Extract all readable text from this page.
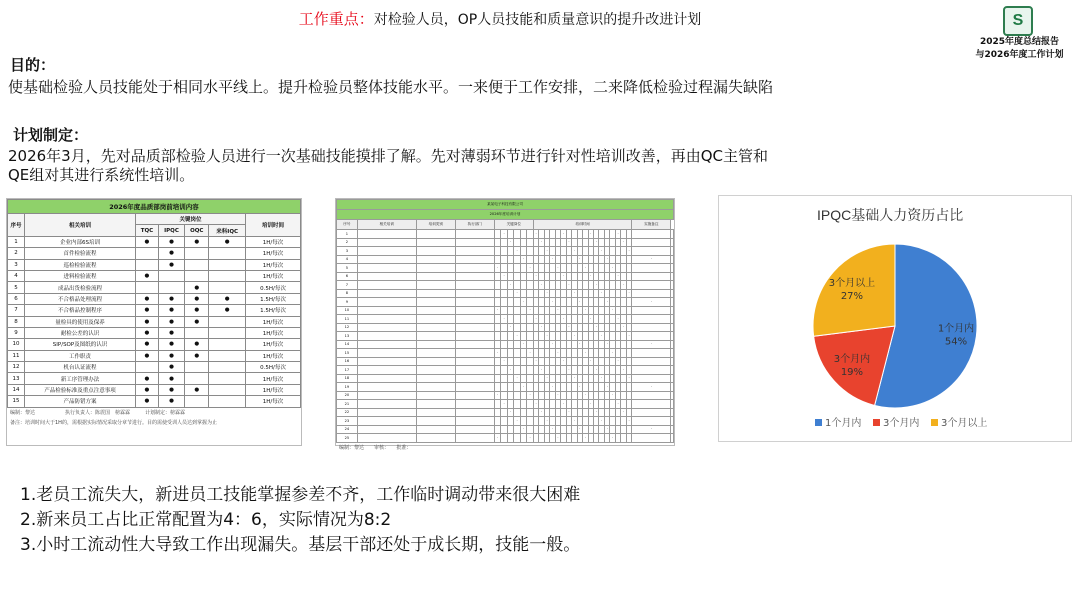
工作重点：对检验人员，OP人员技能和质量意识的提升改进计划	S
2025年度总结报告
与2026年度工作计划
目的：
使基础检验人员技能处于相同水平线上。提升检验员整体技能水平。一来便于工作安排，二来降低检验过程漏失缺陷
计划制定：
2026年3月，先对品质部检验人员进行一次基础技能摸排了解。先对薄弱环节进行针对性培训改善，再由QC主管和QE组对其进行系统性培训。
2026年度品质部岗前培训内容						
序号	相关培训	关键岗位				培训时间
		TQC	IPQC	OQC	来料IQC	
1	企业内部6S培训	●	●	●	●	1H/每次
2	首件检验流程		●			1H/每次
3	巡检检验流程		●			1H/每次
4	进料检验流程	●				1H/每次
5	成品出货检验流程			●		0.5H/每次
6	不合格品处理流程	●	●	●	●	1.5H/每次
7	不合格品控制程序	●	●	●	●	1.5H/每次
8	量检具的使用及保养	●	●	●		1H/每次
9	耐检公差的认识	●	●			1H/每次
10	SIP/SOP及图纸的认识	●	●	●		1H/每次
11	工作职责	●	●	●		1H/每次
12	机台认证流程		●			0.5H/每次
13	新工序管理办法	●	●			1H/每次
14	产品检验标准及重点注意事项	●	●	●		1H/每次
15	产品防错方案	●	●			1H/每次
编制：黎达　　　　　　执行负责人：陈震国　榜霖霖　　　计划制定：榜霖霖
备注：培训时间大于1H的，需根据实际情况采取分章节进行。目的需使受训人员达到掌握为止
某某电子科技有限公司																													
2026年度培训计划																													
序号	相关培训	培训类别	执行部门	关键岗位						培训时间																		实施备注	
1					·					·					·					·					·				
2						·					·					·					·					·			
3							·					·					·					·					·		
4								·					·					·					·					·	
5				·					·					·					·					·					
6					·					·					·					·					·				
7						·					·					·					·					·			
8							·					·					·					·					·		
9								·					·					·					·					·	
10				·					·					·					·					·					
11					·					·					·					·					·				
12						·					·					·					·					·			
13							·					·					·					·					·		
14								·					·					·					·					·	
15				·					·					·					·					·					
16					·					·					·					·					·				
17						·					·					·					·					·			
18							·					·					·					·					·		
19								·					·					·					·					·	
20				·					·					·					·					·					
21					·					·					·					·					·				
22						·					·					·					·					·			
23							·					·					·					·					·		
24								·					·					·					·					·	
25				·					·					·					·					·					
编制：黎达　　审核：　　批准：
IPQC基础人力资历占比
1个月内
54%
3个月内
19%
3个月以上
27%
1个月内 3个月内 3个月以上
1.老员工流失大，新进员工技能掌握参差不齐，工作临时调动带来很大困难
2.新来员工占比正常配置为4：6，实际情况为8:2
3.小时工流动性大导致工作出现漏失。基层干部还处于成长期，技能一般。
